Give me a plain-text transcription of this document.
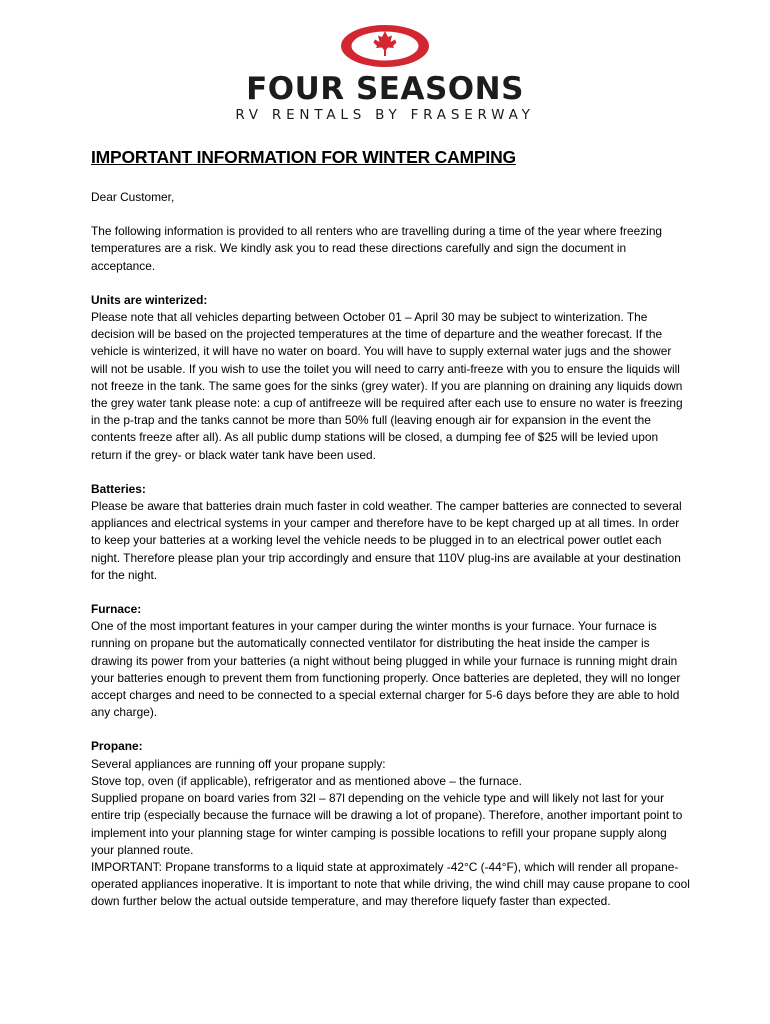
FOUR SEASONS
RV RENTALS BY FRASERWAY
IMPORTANT INFORMATION FOR WINTER CAMPING

Dear Customer,

The following information is provided to all renters who are travelling during a time of the year where freezing temperatures are a risk. We kindly ask you to read these directions carefully and sign the document in acceptance.

Units are winterized:

Please note that all vehicles departing between October 01 – April 30 may be subject to winterization. The decision will be based on the projected temperatures at the time of departure and the weather forecast. If the vehicle is winterized, it will have no water on board. You will have to supply external water jugs and the shower will not be usable. If you wish to use the toilet you will need to carry anti-freeze with you to ensure the liquids will not freeze in the tank. The same goes for the sinks (grey water). If you are planning on draining any liquids down the grey water tank please note: a cup of antifreeze will be required after each use to ensure no water is freezing in the p-trap and the tanks cannot be more than 50% full (leaving enough air for expansion in the event the contents freeze after all). As all public dump stations will be closed, a dumping fee of $25 will be levied upon return if the grey- or black water tank have been used.

Batteries:

Please be aware that batteries drain much faster in cold weather. The camper batteries are connected to several appliances and electrical systems in your camper and therefore have to be kept charged up at all times. In order to keep your batteries at a working level the vehicle needs to be plugged in to an electrical power outlet each night. Therefore please plan your trip accordingly and ensure that 110V plug-ins are available at your destination for the night.

Furnace:

One of the most important features in your camper during the winter months is your furnace. Your furnace is running on propane but the automatically connected ventilator for distributing the heat inside the camper is drawing its power from your batteries (a night without being plugged in while your furnace is running might drain your batteries enough to prevent them from functioning properly. Once batteries are depleted, they will no longer accept charges and need to be connected to a special external charger for 5-6 days before they are able to hold any charge).

Propane:

Several appliances are running off your propane supply:

Stove top, oven (if applicable), refrigerator and as mentioned above – the furnace.

Supplied propane on board varies from 32l – 87l depending on the vehicle type and will likely not last for your entire trip (especially because the furnace will be drawing a lot of propane). Therefore, another important point to implement into your planning stage for winter camping is possible locations to refill your propane supply along your planned route.

IMPORTANT: Propane transforms to a liquid state at approximately -42°C (-44°F), which will render all propane-operated appliances inoperative. It is important to note that while driving, the wind chill may cause propane to cool down further below the actual outside temperature, and may therefore liquefy faster than expected.
